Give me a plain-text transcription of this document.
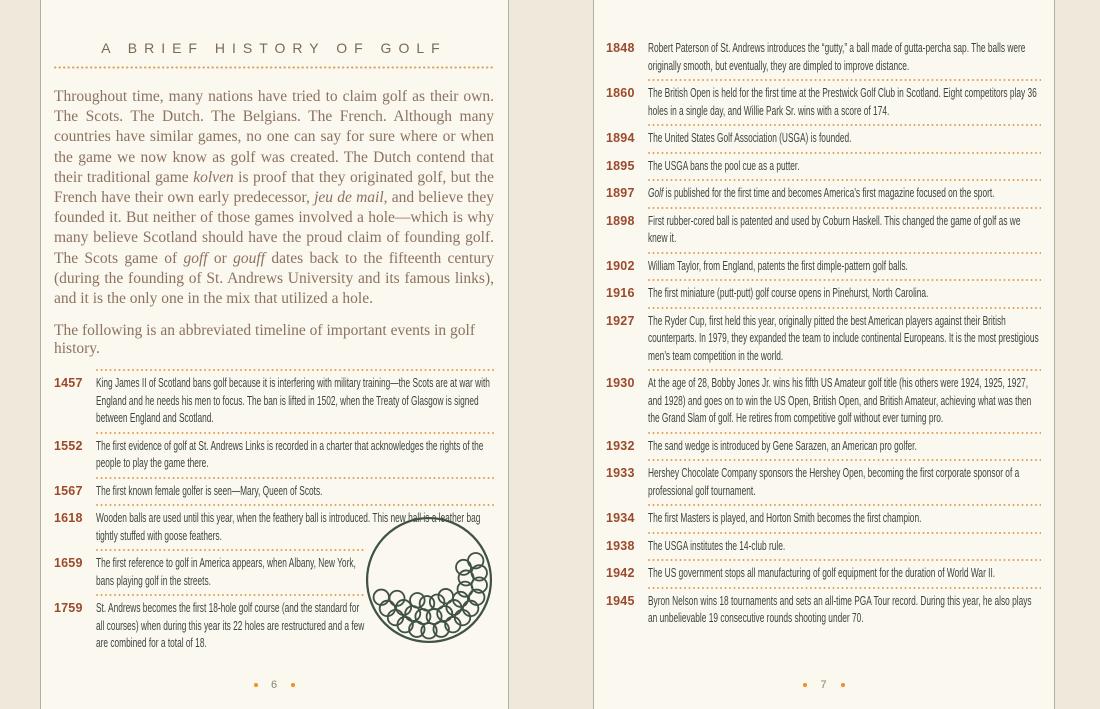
A BRIEF HISTORY OF GOLF
Throughout time, many nations have tried to claim golf as their own. The Scots. The Dutch. The Belgians. The French. Although many countries have similar games, no one can say for sure where or when the game we now know as golf was created. The Dutch contend that their traditional game kolven is proof that they originated golf, but the French have their own early predecessor, jeu de mail, and believe they founded it. But neither of those games involved a hole—which is why many believe Scotland should have the proud claim of founding golf. The Scots game of goff or gouff dates back to the fifteenth century (during the founding of St. Andrews University and its famous links), and it is the only one in the mix that utilized a hole.
The following is an abbreviated timeline of important events in golf history.
1457	King James II of Scotland bans golf because it is interfering with military training—the Scots are at war with England and he needs his men to focus. The ban is lifted in 1502, when the Treaty of Glasgow is signed between England and Scotland.
1552	The first evidence of golf at St. Andrews Links is recorded in a charter that acknowledges the rights of the people to play the game there.
1567	The first known female golfer is seen—Mary, Queen of Scots.
1618	Wooden balls are used until this year, when the feathery ball is introduced. This new ball is a leather bag tightly stuffed with goose feathers.
1659	The first reference to golf in America appears, when Albany, New York, bans playing golf in the streets.
1759	St. Andrews becomes the first 18-hole golf course (and the standard for all courses) when during this year its 22 holes are restructured and a few are combined for a total of 18.
6
1848	Robert Paterson of St. Andrews introduces the “gutty,” a ball made of gutta-percha sap. The balls were originally smooth, but eventually, they are dimpled to improve distance.
1860	The British Open is held for the first time at the Prestwick Golf Club in Scotland. Eight competitors play 36 holes in a single day, and Willie Park Sr. wins with a score of 174.
1894	The United States Golf Association (USGA) is founded.
1895	The USGA bans the pool cue as a putter.
1897	Golf is published for the first time and becomes America’s first magazine focused on the sport.
1898	First rubber-cored ball is patented and used by Coburn Haskell. This changed the game of golf as we knew it.
1902	William Taylor, from England, patents the first dimple-pattern golf balls.
1916	The first miniature (putt-putt) golf course opens in Pinehurst, North Carolina.
1927	The Ryder Cup, first held this year, originally pitted the best American players against their British counterparts. In 1979, they expanded the team to include continental Europeans. It is the most prestigious men’s team competition in the world.
1930	At the age of 28, Bobby Jones Jr. wins his fifth US Amateur golf title (his others were 1924, 1925, 1927, and 1928) and goes on to win the US Open, British Open, and British Amateur, achieving what was then the Grand Slam of golf. He retires from competitive golf without ever turning pro.
1932	The sand wedge is introduced by Gene Sarazen, an American pro golfer.
1933	Hershey Chocolate Company sponsors the Hershey Open, becoming the first corporate sponsor of a professional golf tournament.
1934	The first Masters is played, and Horton Smith becomes the first champion.
1938	The USGA institutes the 14-club rule.
1942	The US government stops all manufacturing of golf equipment for the duration of World War II.
1945	Byron Nelson wins 18 tournaments and sets an all-time PGA Tour record. During this year, he also plays an unbelievable 19 consecutive rounds shooting under 70.
7
